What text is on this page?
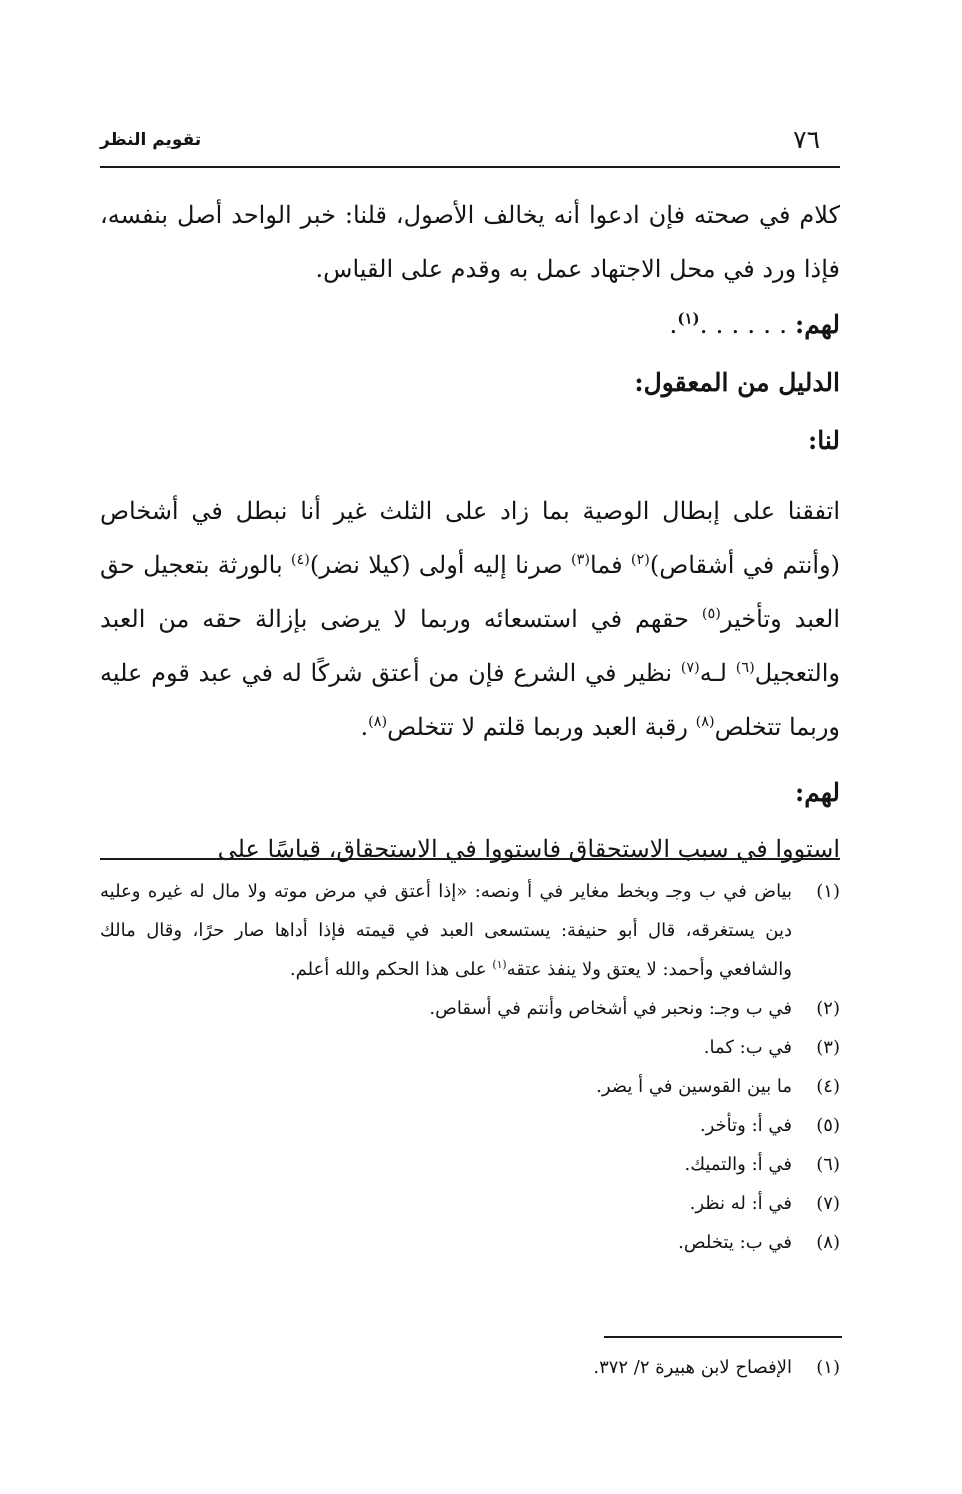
٧٦
تقويم النظر

كلام في صحته فإن ادعوا أنه يخالف الأصول، قلنا: خبر الواحد أصل بنفسه، فإذا ورد في محل الاجتهاد عمل به وقدم على القياس.

لهم: . . . . . .$^{(١)}$.

الدليل من المعقول:

لنا:

اتفقنا على إبطال الوصية بما زاد على الثلث غير أنا نبطل في أشخاص (وأنتم في أشقاص)$^{(٢)}$ فما$^{(٣)}$ صرنا إليه أولى (كيلا نضر)$^{(٤)}$ بالورثة بتعجيل حق العبد وتأخير$^{(٥)}$ حقهم في استسعائه وربما لا يرضى بإزالة حقه من العبد والتعجيل$^{(٦)}$ لـه$^{(٧)}$ نظير في الشرع فإن من أعتق شركًا له في عبد قوم عليه وربما تتخلص$^{(٨)}$ رقبة العبد وربما قلتم لا تتخلص$^{(٨)}$.

لهم:

استووا في سبب الاستحقاق فاستووا في الاستحقاق، قياسًا على

(١)
بياض في ب وجـ وبخط مغاير في أ ونصه: «إذا أعتق في مرض موته ولا مال له غيره وعليه دين يستغرقه، قال أبو حنيفة: يستسعى العبد في قيمته فإذا أداها صار حرًا، وقال مالك والشافعي وأحمد: لا يعتق ولا ينفذ عتقه$^{(١)}$ على هذا الحكم والله أعلم.
(٢)
في ب وجـ: ونحبر في أشخاص وأنتم في أسقاص.
(٣)
في ب: كما.
(٤)
ما بين القوسين في أ يضر.
(٥)
في أ: وتأخر.
(٦)
في أ: والتميك.
(٧)
في أ: له نظر.
(٨)
في ب: يتخلص.
(١)
الإفصاح لابن هبيرة ٢/ ٣٧٢.
